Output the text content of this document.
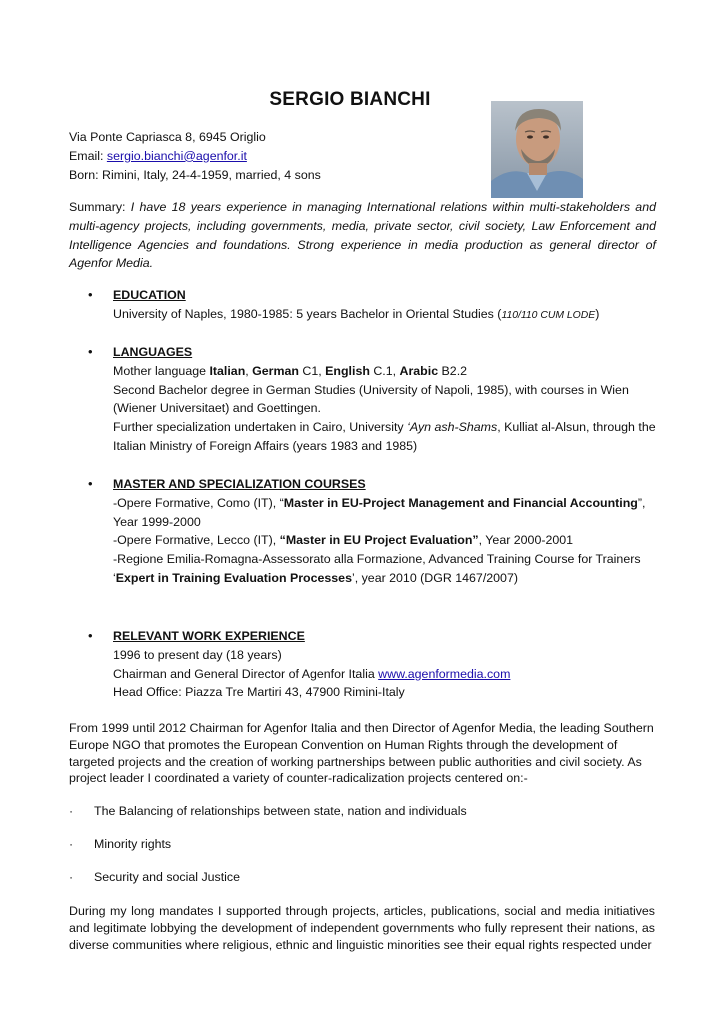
SERGIO BIANCHI
Via Ponte Capriasca 8, 6945 Origlio
Email: sergio.bianchi@agenfor.it
Born: Rimini, Italy, 24-4-1959, married, 4 sons
Summary: I have 18 years experience in managing International relations within multi-stakeholders and multi-agency projects, including governments, media, private sector, civil society, Law Enforcement and Intelligence Agencies and foundations. Strong experience in media production as general director of Agenfor Media.
• EDUCATION
University of Naples, 1980-1985: 5 years Bachelor in Oriental Studies (110/110 CUM LODE)
• LANGUAGES
Mother language Italian, German C1, English C.1, Arabic B2.2
Second Bachelor degree in German Studies (University of Napoli, 1985), with courses in Wien (Wiener Universitaet) and Goettingen.
Further specialization undertaken in Cairo, University ‘Ayn ash-Shams, Kulliat al-Alsun, through the Italian Ministry of Foreign Affairs (years 1983 and 1985)
• MASTER AND SPECIALIZATION COURSES
-Opere Formative, Como (IT), “Master in EU-Project Management and Financial Accounting”, Year 1999-2000
-Opere Formative, Lecco (IT), “Master in EU Project Evaluation”, Year 2000-2001
-Regione Emilia-Romagna-Assessorato alla Formazione, Advanced Training Course for Trainers
‘Expert in Training Evaluation Processes’, year 2010 (DGR 1467/2007)
• RELEVANT WORK EXPERIENCE
1996 to present day (18 years)
Chairman and General Director of Agenfor Italia www.agenformedia.com
Head Office: Piazza Tre Martiri 43, 47900 Rimini-Italy
From 1999 until 2012 Chairman for Agenfor Italia and then Director of Agenfor Media, the leading Southern Europe NGO that promotes the European Convention on Human Rights through the development of targeted projects and the creation of working partnerships between public authorities and civil society. As project leader I coordinated a variety of counter-radicalization projects centered on:-
· The Balancing of relationships between state, nation and individuals
· Minority rights
· Security and social Justice
During my long mandates I supported through projects, articles, publications, social and media initiatives and legitimate lobbying the development of independent governments who fully represent their nations, as diverse communities where religious, ethnic and linguistic minorities see their equal rights respected under
